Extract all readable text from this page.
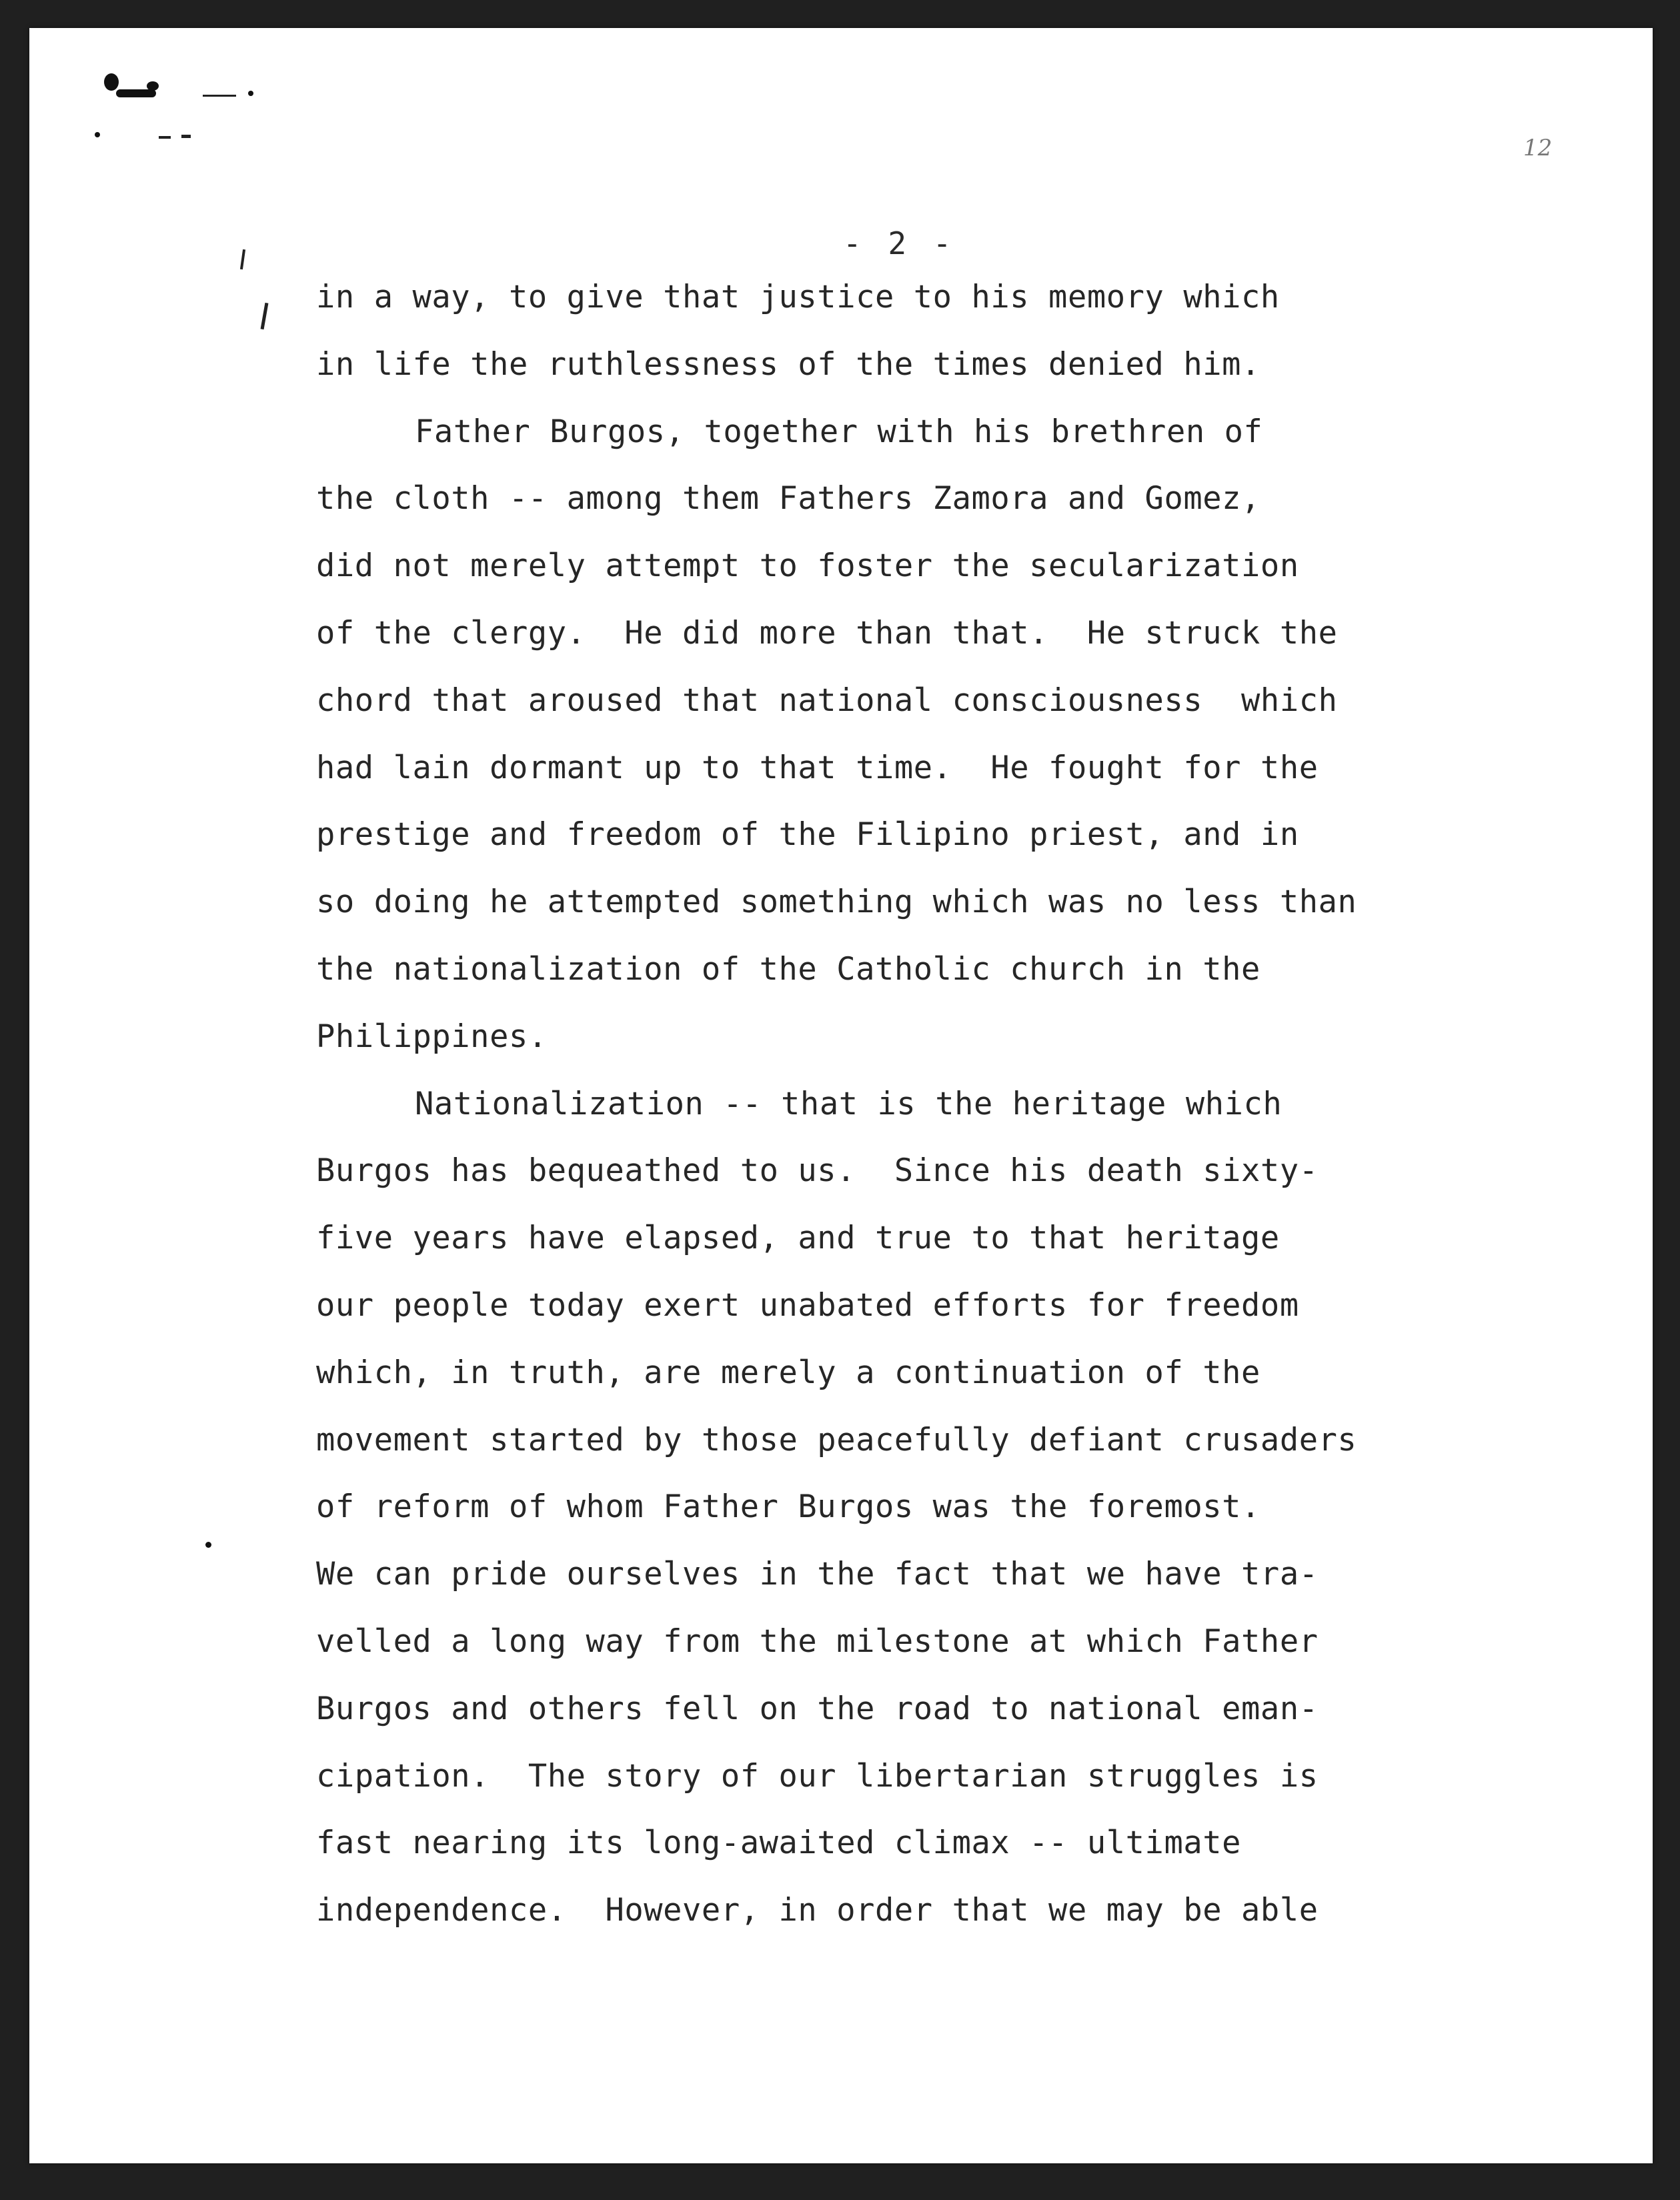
12
- 2 -
in a way, to give that justice to his memory which
in life the ruthlessness of the times denied him.
Father Burgos, together with his brethren of
the cloth -- among them Fathers Zamora and Gomez,
did not merely attempt to foster the secularization
of the clergy.  He did more than that.  He struck the
chord that aroused that national consciousness  which
had lain dormant up to that time.  He fought for the
prestige and freedom of the Filipino priest, and in
so doing he attempted something which was no less than
the nationalization of the Catholic church in the
Philippines.
Nationalization -- that is the heritage which
Burgos has bequeathed to us.  Since his death sixty-
five years have elapsed, and true to that heritage
our people today exert unabated efforts for freedom
which, in truth, are merely a continuation of the
movement started by those peacefully defiant crusaders
of reform of whom Father Burgos was the foremost.
We can pride ourselves in the fact that we have tra-
velled a long way from the milestone at which Father
Burgos and others fell on the road to national eman-
cipation.  The story of our libertarian struggles is
fast nearing its long-awaited climax -- ultimate
independence.  However, in order that we may be able
